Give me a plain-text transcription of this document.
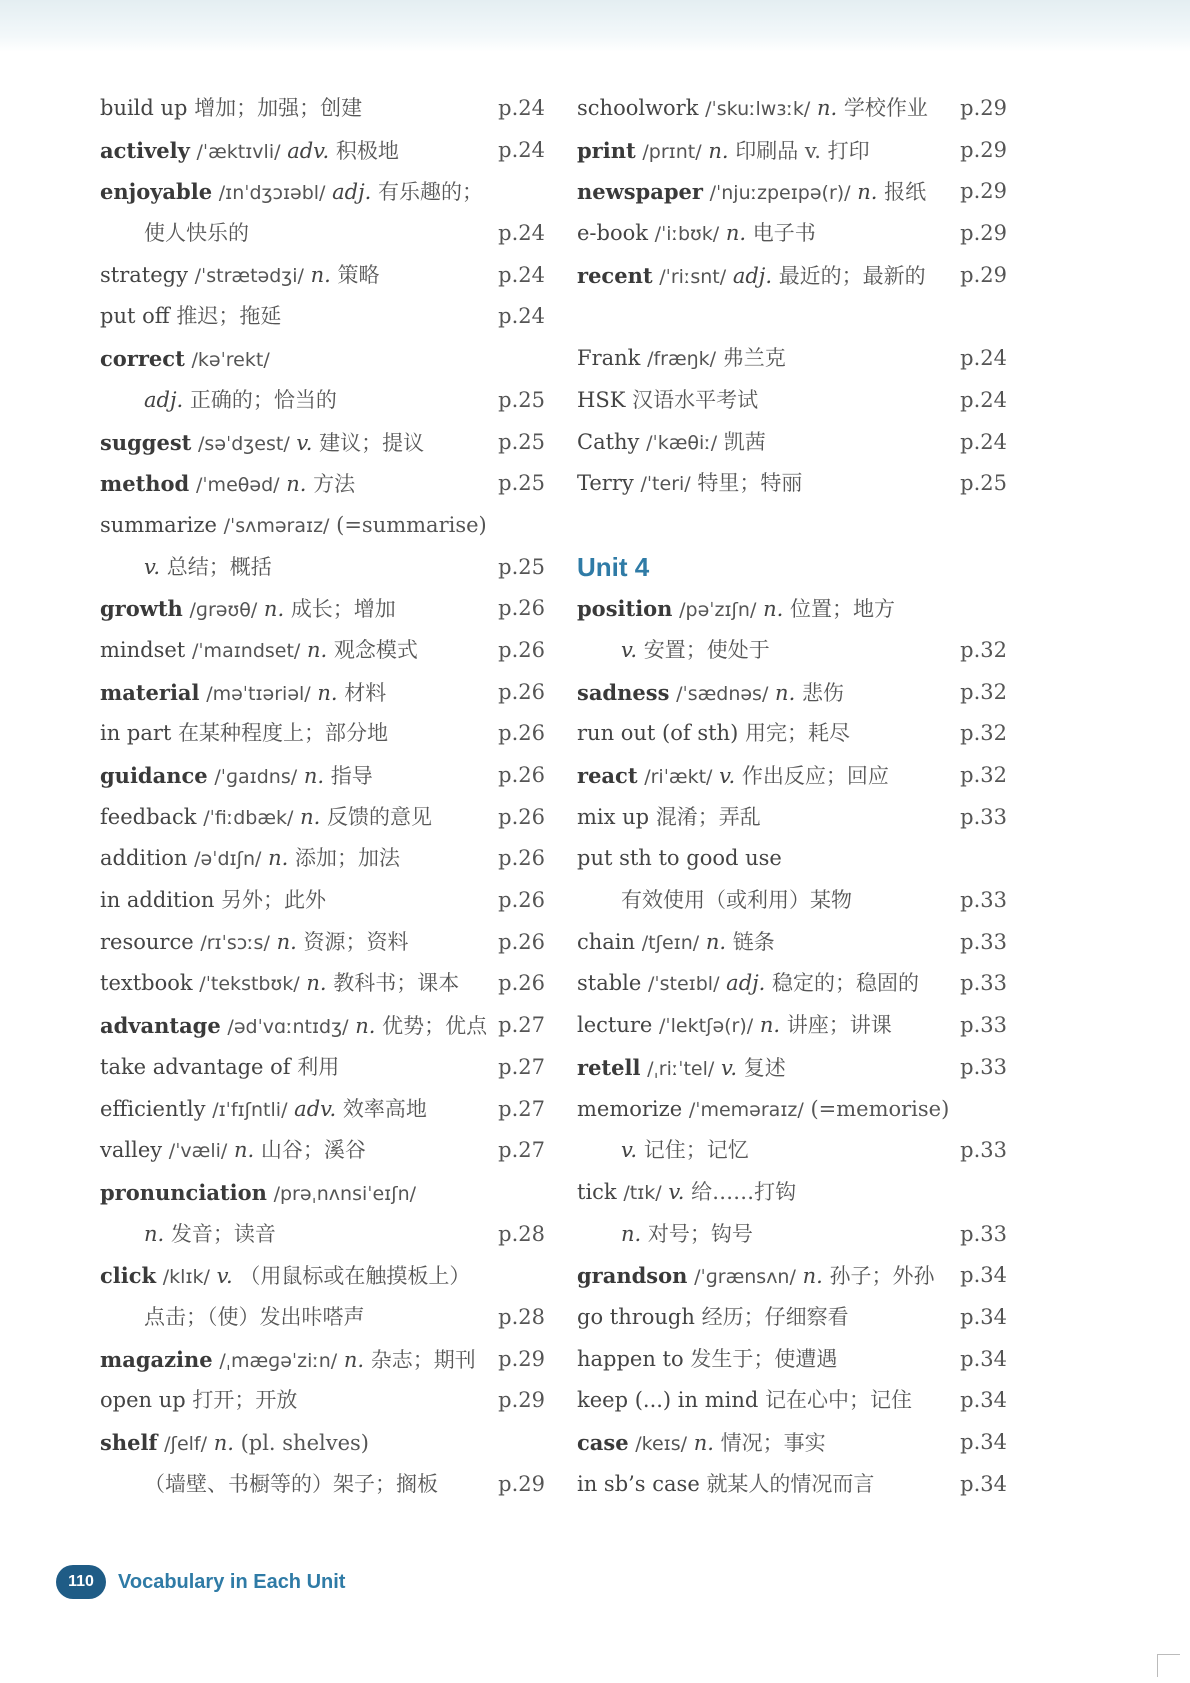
build up 增加；加强；创建	p.24
actively /ˈæktɪvli/ adv. 积极地	p.24
enjoyable /ɪnˈdʒɔɪəbl/ adj. 有乐趣的；
使人快乐的	p.24
strategy /ˈstrætədʒi/ n. 策略	p.24
put off 推迟；拖延	p.24
correct /kəˈrekt/
adj. 正确的；恰当的	p.25
suggest /səˈdʒest/ v. 建议；提议	p.25
method /ˈmeθəd/ n. 方法	p.25
summarize /ˈsʌməraɪz/ (=summarise)
v. 总结；概括	p.25
growth /ɡrəʊθ/ n. 成长；增加	p.26
mindset /ˈmaɪndset/ n. 观念模式	p.26
material /məˈtɪəriəl/ n. 材料	p.26
in part 在某种程度上；部分地	p.26
guidance /ˈɡaɪdns/ n. 指导	p.26
feedback /ˈfiːdbæk/ n. 反馈的意见	p.26
addition /əˈdɪʃn/ n. 添加；加法	p.26
in addition 另外；此外	p.26
resource /rɪˈsɔːs/ n. 资源；资料	p.26
textbook /ˈtekstbʊk/ n. 教科书；课本 p.26
advantage /ədˈvɑːntɪdʒ/ n. 优势；优点 p.27
take advantage of 利用	p.27
efficiently /ɪˈfɪʃntli/ adv. 效率高地	p.27
valley /ˈvæli/ n. 山谷；溪谷	p.27
pronunciation /prəˌnʌnsiˈeɪʃn/
n. 发音；读音	p.28
click /klɪk/ v. （用鼠标或在触摸板上）
点击；（使）发出咔嗒声	p.28
magazine /ˌmæɡəˈziːn/ n. 杂志；期刊 p.29
open up 打开；开放	p.29
shelf /ʃelf/ n. (pl. shelves)
（墙壁、书橱等的）架子；搁板	p.29
schoolwork /ˈskuːlwɜːk/ n. 学校作业 p.29
print /prɪnt/ n. 印刷品 v. 打印	p.29
newspaper /ˈnjuːzpeɪpə(r)/ n. 报纸 p.29
e-book /ˈiːbʊk/ n. 电子书	p.29
recent /ˈriːsnt/ adj. 最近的；最新的 p.29
Frank /fræŋk/ 弗兰克	p.24
HSK 汉语水平考试	p.24
Cathy /ˈkæθiː/ 凯茜	p.24
Terry /ˈteri/ 特里；特丽	p.25
Unit 4
position /pəˈzɪʃn/ n. 位置；地方
v. 安置；使处于	p.32
sadness /ˈsædnəs/ n. 悲伤	p.32
run out (of sth) 用完；耗尽	p.32
react /riˈækt/ v. 作出反应；回应	p.32
mix up 混淆；弄乱	p.33
put sth to good use
有效使用（或利用）某物	p.33
chain /tʃeɪn/ n. 链条	p.33
stable /ˈsteɪbl/ adj. 稳定的；稳固的 p.33
lecture /ˈlektʃə(r)/ n. 讲座；讲课	p.33
retell /ˌriːˈtel/ v. 复述	p.33
memorize /ˈmeməraɪz/ (=memorise)
v. 记住；记忆	p.33
tick /tɪk/ v. 给……打钩
n. 对号；钩号	p.33
grandson /ˈɡrænsʌn/ n. 孙子；外孙 p.34
go through 经历；仔细察看	p.34
happen to 发生于；使遭遇	p.34
keep (...) in mind 记在心中；记住 p.34
case /keɪs/ n. 情况；事实	p.34
in sb’s case 就某人的情况而言	p.34
110	Vocabulary in Each Unit
